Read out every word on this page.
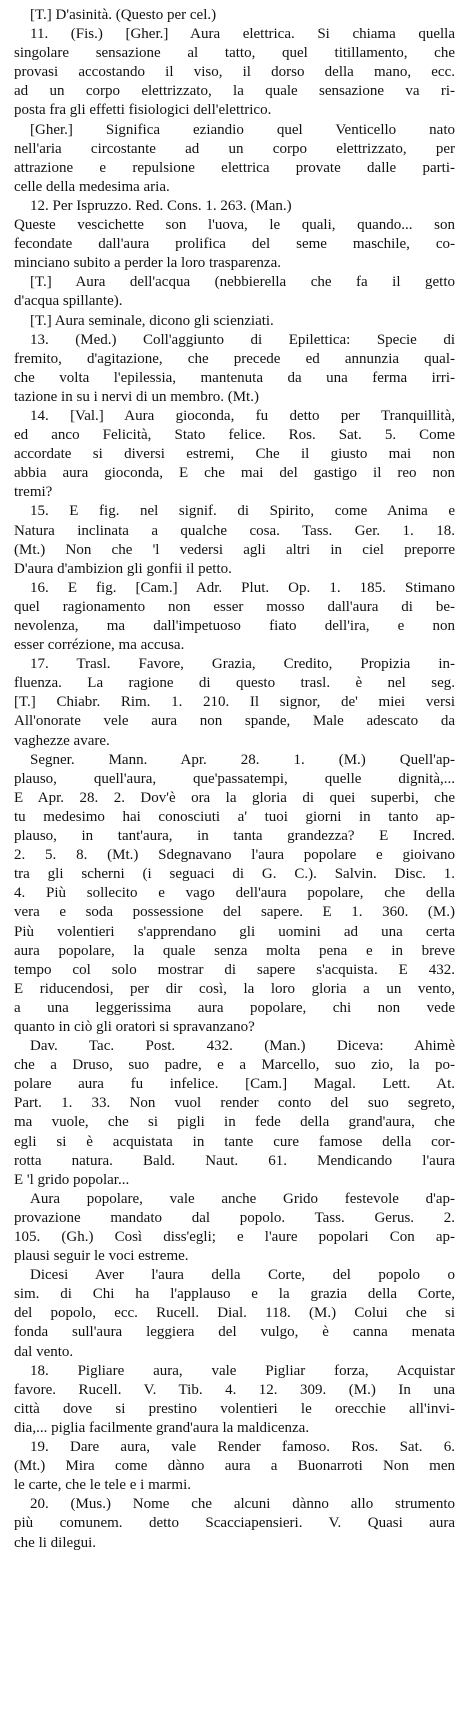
[T.] D'asinità. (Questo per cel.)
11. (Fis.) [Gher.] Aura elettrica. Si chiama quella
singolare sensazione al tatto, quel titillamento, che
provasi accostando il viso, il dorso della mano, ecc.
ad un corpo elettrizzato, la quale sensazione va ri-
posta fra gli effetti fisiologici dell'elettrico.
[Gher.] Significa eziandio quel Venticello nato
nell'aria circostante ad un corpo elettrizzato, per
attrazione e repulsione elettrica provate dalle parti-
celle della medesima aria.
12. Per Ispruzzo. Red. Cons. 1. 263. (Man.)
Queste vescichette son l'uova, le quali, quando... son
fecondate dall'aura prolifica del seme maschile, co-
minciano subito a perder la loro trasparenza.
[T.] Aura dell'acqua (nebbierella che fa il getto
d'acqua spillante).
[T.] Aura seminale, dicono gli scienziati.
13. (Med.) Coll'aggiunto di Epilettica: Specie di
fremito, d'agitazione, che precede ed annunzia qual-
che volta l'epilessia, mantenuta da una ferma irri-
tazione in su i nervi di un membro. (Mt.)
14. [Val.] Aura gioconda, fu detto per Tranquillità,
ed anco Felicità, Stato felice. Ros. Sat. 5. Come
accordate si diversi estremi, Che il giusto mai non
abbia aura gioconda, E che mai del gastigo il reo non
tremi?
15. E fig. nel signif. di Spirito, come Anima e
Natura inclinata a qualche cosa. Tass. Ger. 1. 18.
(Mt.) Non che 'l vedersi agli altri in ciel preporre
D'aura d'ambizion gli gonfii il petto.
16. E fig. [Cam.] Adr. Plut. Op. 1. 185. Stimano
quel ragionamento non esser mosso dall'aura di be-
nevolenza, ma dall'impetuoso fiato dell'ira, e non
esser corrézione, ma accusa.
17. Trasl. Favore, Grazia, Credito, Propizia in-
fluenza. La ragione di questo trasl. è nel seg.
[T.] Chiabr. Rim. 1. 210. Il signor, de' miei versi
All'onorate vele aura non spande, Male adescato da
vaghezze avare.
Segner. Mann. Apr. 28. 1. (M.) Quell'ap-
plauso, quell'aura, que'passatempi, quelle dignità,...
E Apr. 28. 2. Dov'è ora la gloria di quei superbi, che
tu medesimo hai conosciuti a' tuoi giorni in tanto ap-
plauso, in tant'aura, in tanta grandezza? E Incred.
2. 5. 8. (Mt.) Sdegnavano l'aura popolare e gioivano
tra gli scherni (i seguaci di G. C.). Salvin. Disc. 1.
4. Più sollecito e vago dell'aura popolare, che della
vera e soda possessione del sapere. E 1. 360. (M.)
Più volentieri s'apprendano gli uomini ad una certa
aura popolare, la quale senza molta pena e in breve
tempo col solo mostrar di sapere s'acquista. E 432.
E riducendosi, per dir così, la loro gloria a un vento,
a una leggerissima aura popolare, chi non vede
quanto in ciò gli oratori si spravanzano?
Dav. Tac. Post. 432. (Man.) Diceva: Ahimè
che a Druso, suo padre, e a Marcello, suo zio, la po-
polare aura fu infelice. [Cam.] Magal. Lett. At.
Part. 1. 33. Non vuol render conto del suo segreto,
ma vuole, che si pigli in fede della grand'aura, che
egli si è acquistata in tante cure famose della cor-
rotta natura. Bald. Naut. 61. Mendicando l'aura
E 'l grido popolar...
Aura popolare, vale anche Grido festevole d'ap-
provazione mandato dal popolo. Tass. Gerus. 2.
105. (Gh.) Così diss'egli; e l'aure popolari Con ap-
plausi seguir le voci estreme.
Dicesi Aver l'aura della Corte, del popolo o
sim. di Chi ha l'applauso e la grazia della Corte,
del popolo, ecc. Rucell. Dial. 118. (M.) Colui che si
fonda sull'aura leggiera del vulgo, è canna menata
dal vento.
18. Pigliare aura, vale Pigliar forza, Acquistar
favore. Rucell. V. Tib. 4. 12. 309. (M.) In una
città dove si prestino volentieri le orecchie all'invi-
dia,... piglia facilmente grand'aura la maldicenza.
19. Dare aura, vale Render famoso. Ros. Sat. 6.
(Mt.) Mira come dànno aura a Buonarroti Non men
le carte, che le tele e i marmi.
20. (Mus.) Nome che alcuni dànno allo strumento
più comunem. detto Scacciapensieri. V. Quasi aura
che li dilegui.
